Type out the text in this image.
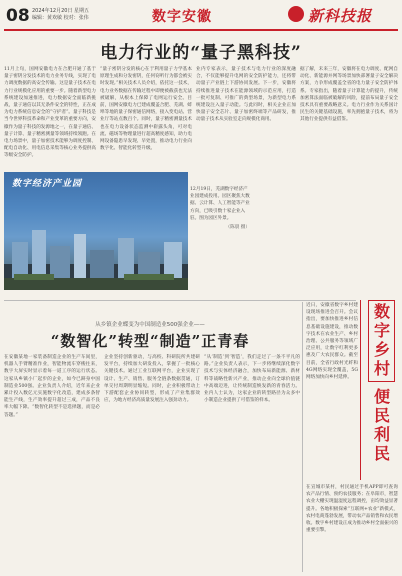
08 2024年12月20日 星期五
编辑：黄欢敏 校对：张伟	数字安徽	新科技报
电力行业的“量子黑科技”
11月上旬，国网安徽电力在合肥开通了基于量子密钥分发技术的电力业务专线，实现了电力调度数据的高安全传输。这是量子技术在电力行业规模化应用的重要一步。随着新型电力系统建设加速推进，电力数据安全面临新挑战，量子通信以其无条件安全的特性，正在成为电力系统信息安全的“守护者”。量子科技是当今世界科技革命和产业变革的重要方向，安徽作为量子科技的发源地之一，在量子通信、量子计算、量子精密测量等领域持续领跑。在电力场景中，量子加密技术能够为调度控制、配电自动化、用电信息采集等核心业务提供高等级安全防护。
“量子密钥分发的核心在于利用量子力学基本原理生成和分发密钥，任何窃听行为都会被实时发现。”相关技术人员介绍，依托这一技术，电力业务数据在传输过程中即便被截获也无法被破解，从根本上保障了电网运行安全。目前，国网安徽电力已建成覆盖合肥、芜湖、蚌埠等地的量子保密通信网络，接入变电站、营业厅等站点数百个。同时，量子精密测量技术也在电力设备状态监测中崭露头角，可对电流、磁场等物理量进行超高精度感知，助力电网设备隐患早发现、早处置，推动电力行业向数字化、智能化转型升级。
业内专家表示，量子技术与电力行业的深度融合，不仅能够提升电网的安全防护能力，还将带动量子产业链上下游协同发展。下一步，安徽将持续推进量子技术在能源领域的示范应用，打造一批可复制、可推广的典型场景，为新型电力系统建设注入量子动能。与此同时，相关企业正加快量子安全芯片、量子加密终端等产品研发，推动量子技术从实验室走向规模化商用。
据了解，未来三年，安徽将在电力调度、配网自动化、新能源并网等场景加快部署量子安全解决方案，力争形成覆盖全省的电力量子安全防护体系。专家指出，随着量子计算能力的提升，传统加密算法面临被破解的风险，提前布局量子安全技术具有重要战略意义。电力行业作为关系国计民生的关键基础设施，率先拥抱量子技术，将为其他行业提供有益借鉴。
数字经济产业园
12月19日，芜湖数字经济产业园建成投用。园区聚焦大数据、云计算、人工智能等产业方向，已吸引数十家企业入驻。图为园区外景。
（陈晨 摄）
从乡镇企业蝶变为中国制造业500强企业——
“数智化”转型“制造”正青春
在安徽某地一家装备制造企业的生产车间里，机器人手臂精准作业，智能物流车穿梭往来，数字大屏实时显示着每一道工序的运行状态。这家从乡镇小厂起步的企业，如今已跻身中国制造业500强。企业负责人介绍，近年来企业累计投入数亿元实施数字化改造，建成多条智能生产线，生产效率提升超过三成，产品不良率大幅下降。“数智化转型不是选择题，而是必答题。”
企业坚持创新驱动，与高校、科研院所共建研发平台，持续加大研发投入，掌握了一批核心关键技术。通过工业互联网平台，企业实现了设计、生产、销售、服务全链条数据贯通，订单交付周期明显缩短。同时，企业积极带动上下游配套企业协同转型，形成了产业集群效应，为地方经济高质量发展注入强劲动力。
“从‘制造’到‘智造’，我们走过了一条不平凡的路。”企业负责人表示，下一步将继续深化数字技术与实体经济融合，加快布局新能源、新材料等战略性新兴产业，推动企业向全球价值链中高端迈进，让传统制造焕发新的青春活力。业内人士认为，这家企业的转型路径为众多中小制造企业提供了可借鉴的样本。
近日，安徽省数字乡村建设现场推进会召开。会议指出，要加快推进乡村信息基础设施建设，推动数字技术在农业生产、乡村治理、公共服务等领域广泛应用，让数字红利更多惠及广大农民群众。截至目前，全省行政村光纤和4G网络实现全覆盖，5G网络加快向乡村延伸。	数字乡村
便民利民
在宣城市某村，村民通过手机APP即可查询农产品行情、预约农技服务；在阜阳市，智慧农业大棚实现温湿度远程调控，亩均效益显著提升。各地积极探索“互联网+农业”新模式，农村电商蓬勃发展，带动农产品销售和农民增收。数字乡村建设正成为推动乡村全面振兴的重要引擎。
